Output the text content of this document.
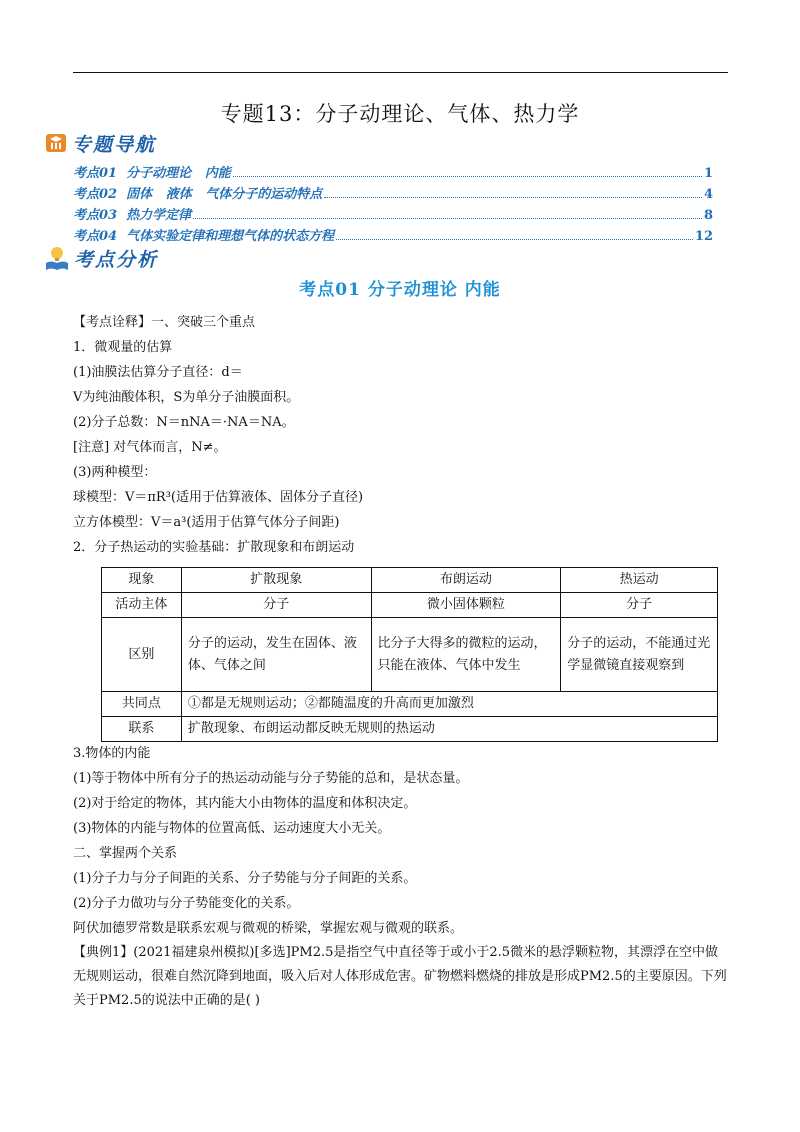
专题13：分子动理论、气体、热力学
专题导航
考点01  分子动理论   内能	1
考点02  固体   液体   气体分子的运动特点	4
考点03  热力学定律	8
考点04  气体实验定律和理想气体的状态方程	12
考点分析
考点01 分子动理论 内能
【考点诠释】一、突破三个重点
1．微观量的估算
(1)油膜法估算分子直径：d＝
V为纯油酸体积，S为单分子油膜面积。
(2)分子总数：N＝nNA＝·NA＝NA。
[注意] 对气体而言，N≠。
(3)两种模型：
球模型：V＝πR³(适用于估算液体、固体分子直径)
立方体模型：V＝a³(适用于估算气体分子间距)
2．分子热运动的实验基础：扩散现象和布朗运动
现象	扩散现象	布朗运动	热运动
活动主体	分子	微小固体颗粒	分子
区别	分子的运动，发生在固体、液体、气体之间	比分子大得多的微粒的运动，只能在液体、气体中发生	分子的运动，不能通过光学显微镜直接观察到
共同点	①都是无规则运动；②都随温度的升高而更加激烈		
联系	扩散现象、布朗运动都反映无规则的热运动		
3.物体的内能
(1)等于物体中所有分子的热运动动能与分子势能的总和，是状态量。
(2)对于给定的物体，其内能大小由物体的温度和体积决定。
(3)物体的内能与物体的位置高低、运动速度大小无关。
二、掌握两个关系
(1)分子力与分子间距的关系、分子势能与分子间距的关系。
(2)分子力做功与分子势能变化的关系。
阿伏加德罗常数是联系宏观与微观的桥梁，掌握宏观与微观的联系。
【典例1】(2021福建泉州模拟)[多选]PM2.5是指空气中直径等于或小于2.5微米的悬浮颗粒物，其漂浮在空中做无规则运动，很难自然沉降到地面，吸入后对人体形成危害。矿物燃料燃烧的排放是形成PM2.5的主要原因。下列关于PM2.5的说法中正确的是( )
